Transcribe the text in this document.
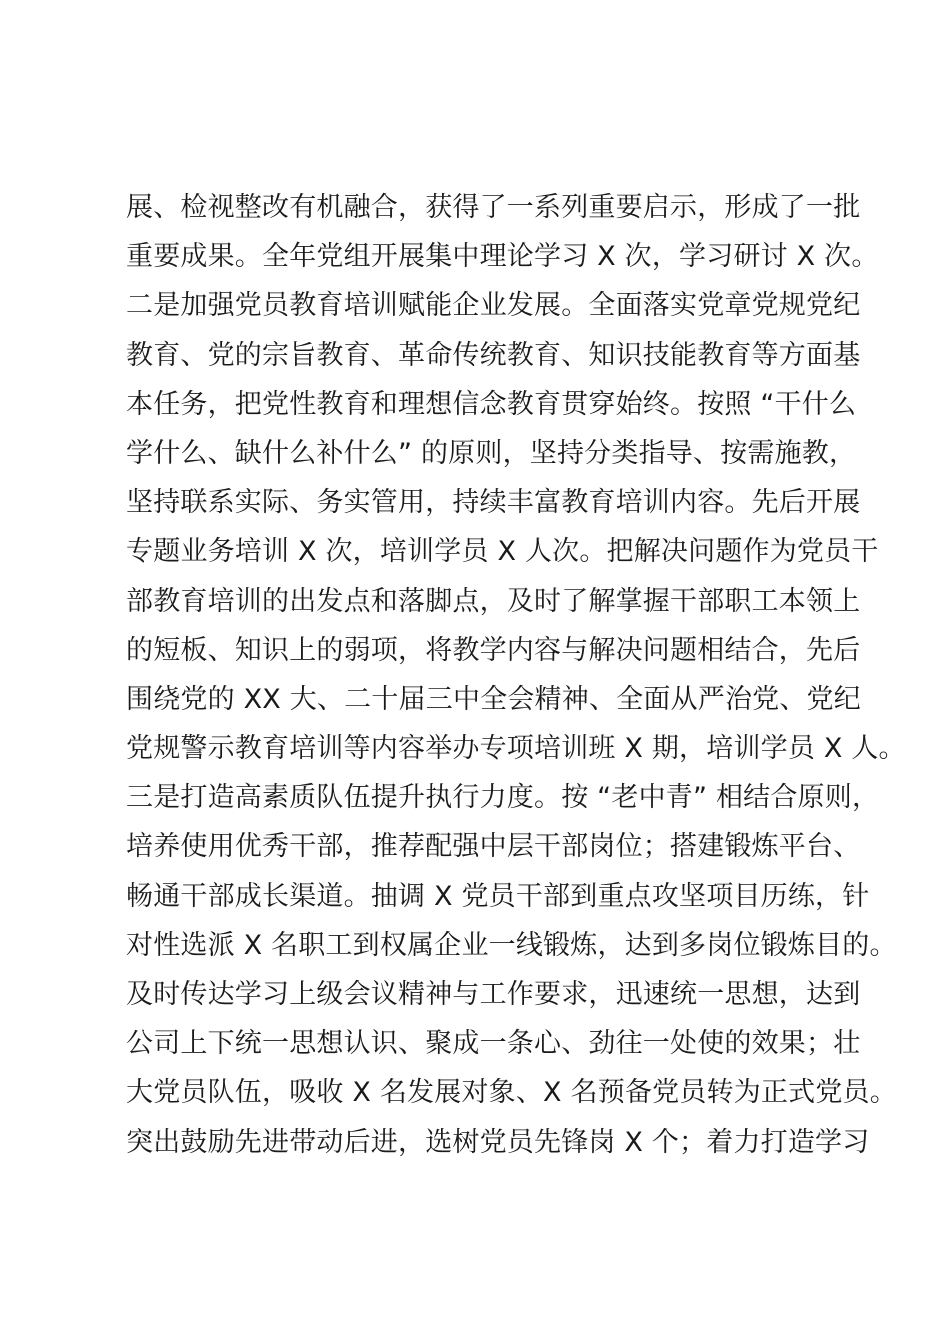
展、检视整改有机融合，获得了一系列重要启示，形成了一批
重要成果。全年党组开展集中理论学习 X 次，学习研讨 X 次。
二是加强党员教育培训赋能企业发展。全面落实党章党规党纪
教育、党的宗旨教育、革命传统教育、知识技能教育等方面基
本任务，把党性教育和理想信念教育贯穿始终。按照 “干什么
学什么、缺什么补什么” 的原则，坚持分类指导、按需施教，
坚持联系实际、务实管用，持续丰富教育培训内容。先后开展
专题业务培训 X 次，培训学员 X 人次。把解决问题作为党员干
部教育培训的出发点和落脚点，及时了解掌握干部职工本领上
的短板、知识上的弱项，将教学内容与解决问题相结合，先后
围绕党的 XX 大、二十届三中全会精神、全面从严治党、党纪
党规警示教育培训等内容举办专项培训班 X 期，培训学员 X 人。
三是打造高素质队伍提升执行力度。按 “老中青” 相结合原则，
培养使用优秀干部，推荐配强中层干部岗位；搭建锻炼平台、
畅通干部成长渠道。抽调 X 党员干部到重点攻坚项目历练，针
对性选派 X 名职工到权属企业一线锻炼，达到多岗位锻炼目的。
及时传达学习上级会议精神与工作要求，迅速统一思想，达到
公司上下统一思想认识、聚成一条心、劲往一处使的效果；壮
大党员队伍，吸收 X 名发展对象、X 名预备党员转为正式党员。
突出鼓励先进带动后进，选树党员先锋岗 X 个；着力打造学习
